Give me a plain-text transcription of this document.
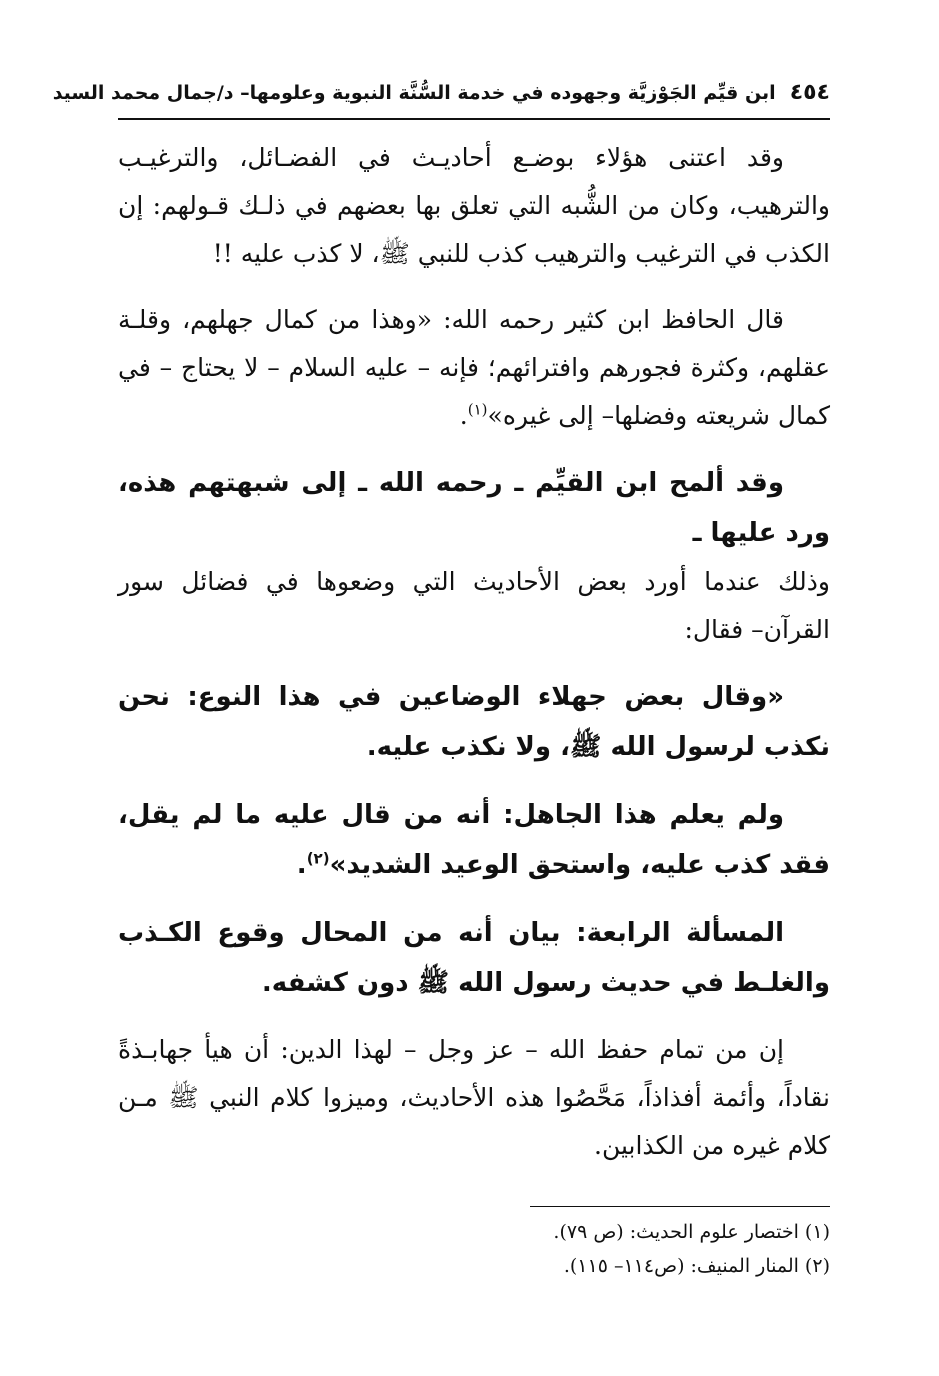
٤٥٤
ابن قيِّم الجَوْزيَّة وجهوده في خدمة السُّنَّة النبوية وعلومها– د/جمال محمد السيد

وقد اعتنى هؤلاء بوضـع أحاديـث في الفضـائل، والترغيـب والترهيب، وكان من الشُّبه التي تعلق بها بعضهم في ذلـك قـولهم: إن الكذب في الترغيب والترهيب كذب للنبي ﷺ، لا كذب عليه !!

قال الحافظ ابن كثير رحمه الله: «وهذا من كمال جهلهم، وقلـة عقلهم، وكثرة فجورهم وافترائهم؛ فإنه – عليه السلام – لا يحتاج – في كمال شريعته وفضلها– إلى غيره»$^{(١)}$.

وقد ألمح ابن القيِّم ـ رحمه الله ـ إلى شبهتهم هذه، ورد عليها ـ

وذلك عندما أورد بعض الأحاديث التي وضعوها في فضائل سور القرآن– فقال:

«وقال بعض جهلاء الوضاعين في هذا النوع: نحن نكذب لرسول الله ﷺ، ولا نكذب عليه.

ولم يعلم هذا الجاهل: أنه من قال عليه ما لم يقل، فقد كذب عليه، واستحق الوعيد الشديد»$^{(٢)}$.

المسألة الرابعة: بيان أنه من المحال وقوع الكـذب والغلـط في حديث رسول الله ﷺ دون كشفه.

إن من تمام حفظ الله – عز وجل – لهذا الدين: أن هيأ جهابـذةً نقاداً، وأئمة أفذاذاً، مَحَّصُوا هذه الأحاديث، وميزوا كلام النبي ﷺ مـن كلام غيره من الكذابين.

(١) اختصار علوم الحديث: (ص ٧٩).

(٢) المنار المنيف: (ص١١٤– ١١٥).
